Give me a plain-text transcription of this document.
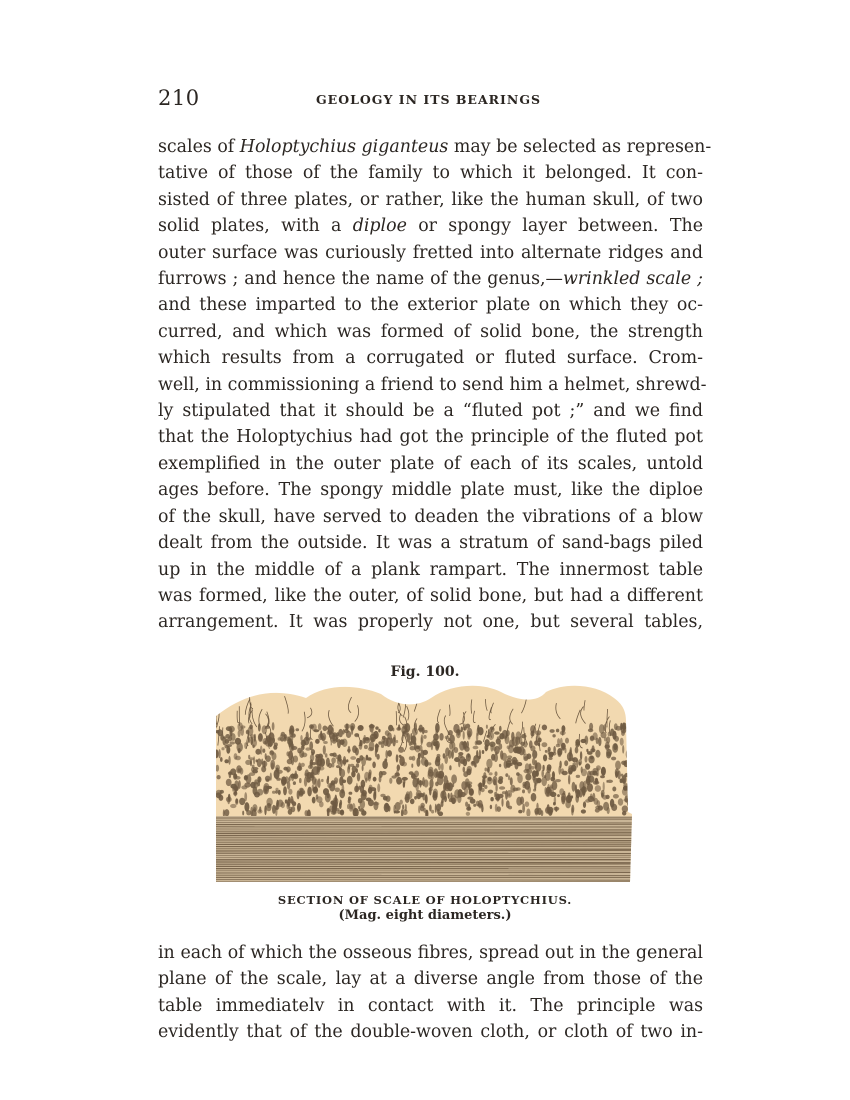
210	GEOLOGY IN ITS BEARINGS
scales of Holoptychius giganteus may be selected as represen-
tative of those of the family to which it belonged. It con-
sisted of three plates, or rather, like the human skull, of two
solid plates, with a diploe or spongy layer between. The
outer surface was curiously fretted into alternate ridges and
furrows ; and hence the name of the genus,—wrinkled scale ;
and these imparted to the exterior plate on which they oc-
curred, and which was formed of solid bone, the strength
which results from a corrugated or fluted surface. Crom-
well, in commissioning a friend to send him a helmet, shrewd-
ly stipulated that it should be a “fluted pot ;” and we find
that the Holoptychius had got the principle of the fluted pot
exemplified in the outer plate of each of its scales, untold
ages before. The spongy middle plate must, like the diploe
of the skull, have served to deaden the vibrations of a blow
dealt from the outside. It was a stratum of sand-bags piled
up in the middle of a plank rampart. The innermost table
was formed, like the outer, of solid bone, but had a different
arrangement. It was properly not one, but several tables,
Fig. 100.
SECTION OF SCALE OF HOLOPTYCHIUS.
(Mag. eight diameters.)
in each of which the osseous fibres, spread out in the general
plane of the scale, lay at a diverse angle from those of the
table immediatelv in contact with it. The principle was
evidently that of the double-woven cloth, or cloth of two in-
